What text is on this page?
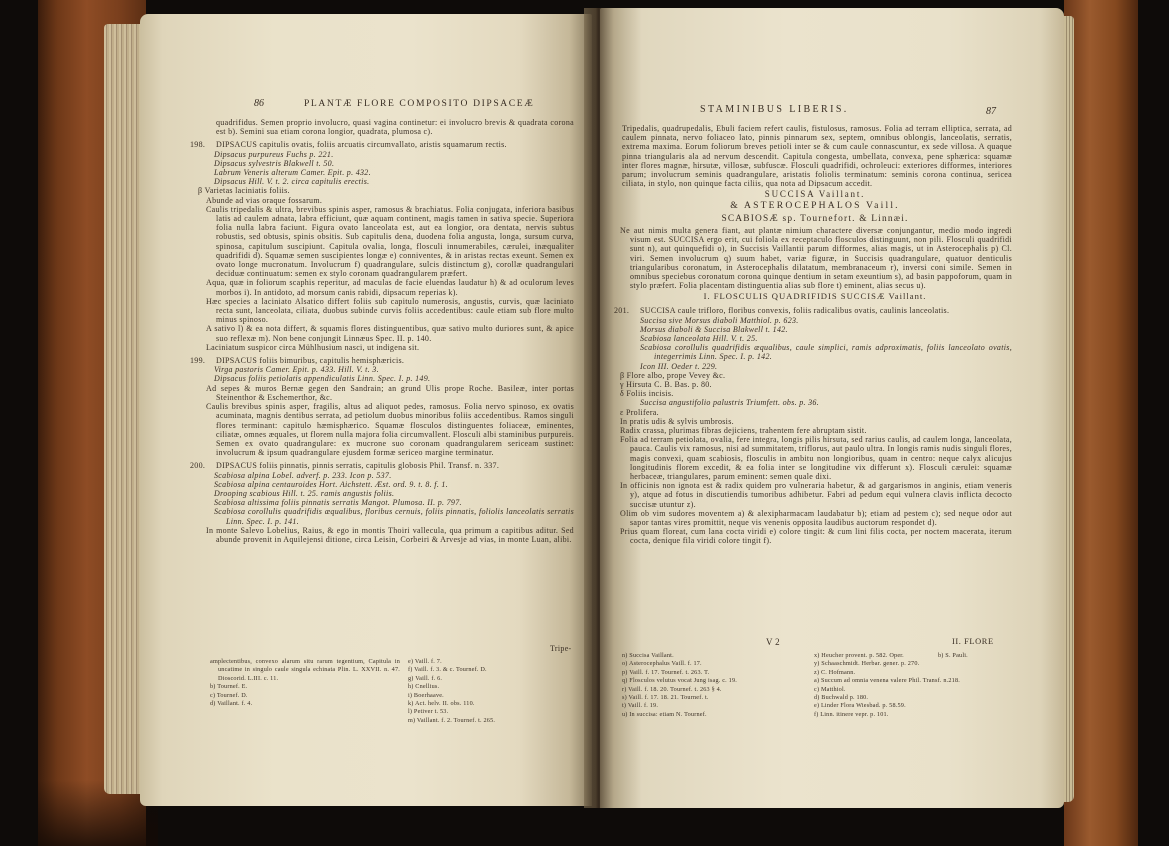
86	PLANTÆ FLORE COMPOSITO DIPSACEÆ

quadrifidus. Semen proprio involucro, quasi vagina continetur: ei involucro brevis & quadrata corona est b). Semini sua etiam corona longior, quadrata, plumosa c).

198.	DIPSACUS capitulis ovatis, foliis arcuatis circumvallato, aristis squamarum rectis.

Dipsacus purpureus Fuchs p. 221.

Dipsacus sylvestris Blakwell t. 50.

Labrum Veneris alterum Camer. Epit. p. 432.

Dipsacus Hill. V. t. 2. circa capitulis erectis.

β Varietas laciniatis foliis.

Abunde ad vias oraque fossarum.

Caulis tripedalis & ultra, brevibus spinis asper, ramosus & brachiatus. Folia conjugata, inferiora basibus latis ad caulem adnata, labra efficiunt, quæ aquam continent, magis tamen in sativa specie. Superiora folia nulla labra faciunt. Figura ovato lanceolata est, aut ea longior, ora dentata, nervis subtus robustis, sed obtusis, spinis obsitis. Sub capitulis dena, duodena folia angusta, longa, sursum curva, spinosa, capitulum suscipiunt. Capitula ovalia, longa, flosculi innumerabiles, cærulei, inæqualiter quadrifidi d). Squamæ semen suscipientes longæ e) conniventes, & in aristas rectas exeunt. Semen ex ovato longe mucronatum. Involucrum f) quadrangulare, sulcis distinctum g), corollæ quadrangulari deciduæ continuatum: semen ex stylo coronam quadrangularem præfert.

Aqua, quæ in foliorum scaphis reperitur, ad maculas de facie eluendas laudatur h) & ad oculorum leves morbos i). In antidoto, ad morsum canis rabidi, dipsacum reperias k).

Hæc species a laciniato Alsatico differt foliis sub capitulo numerosis, angustis, curvis, quæ laciniato recta sunt, lanceolata, ciliata, duobus subinde curvis foliis accedentibus: caule etiam sub flore multo minus spinoso.

A sativo l) & ea nota differt, & squamis flores distinguentibus, quæ sativo multo duriores sunt, & apice suo reflexæ m). Non bene conjungit Linnæus Spec. II. p. 140.

Laciniatum suspicor circa Mühlhusium nasci, ut indigena sit.

199.	DIPSACUS foliis bimuribus, capitulis hemisphæricis.

Virga pastoris Camer. Epit. p. 433. Hill. V. t. 3.

Dipsacus foliis petiolatis appendiculatis Linn. Spec. I. p. 149.

Ad sepes & muros Bernæ gegen den Sandrain; an grund Ulis prope Roche. Basileæ, inter portas Steinenthor & Eschemerthor, &c.

Caulis brevibus spinis asper, fragilis, altus ad aliquot pedes, ramosus. Folia nervo spinoso, ex ovatis acuminata, magnis dentibus serrata, ad petiolum duobus minoribus foliis accedentibus. Ramos singuli flores terminant: capitulo hæmisphærico. Squamæ flosculos distinguentes foliaceæ, eminentes, ciliatæ, omnes æquales, ut florem nulla majora folia circumvallent. Flosculi albi staminibus purpureis. Semen ex ovato quadrangulare: ex mucrone suo coronam quadrangularem sericeam sustinet: involucrum & ipsum quadrangulare ejusdem formæ sericeo margine terminatur.

200.	DIPSACUS foliis pinnatis, pinnis serratis, capitulis globosis Phil. Transf. n. 337.

Scabiosa alpina Lobel. adverf. p. 233. Icon p. 537.

Scabiosa alpina centauroides Hort. Aichstett. Æst. ord. 9. t. 8. f. 1.

Drooping scabious Hill. t. 25. ramis angustis foliis.

Scabiosa altissima foliis pinnatis serratis Mangot. Plumosa. II. p. 797.

Scabiosa corollulis quadrifidis æqualibus, floribus cernuis, foliis pinnatis, foliolis lanceolatis serratis Linn. Spec. I. p. 141.

In monte Salevo Lobelius, Raius, & ego in montis Thoiri vallecula, qua primum a capitibus aditur. Sed abunde provenit in Aquilejensi ditione, circa Leisin, Corbeiri & Arvesje ad vias, in monte Luan, alibi.

Tripe-

amplectentibus, convexo alarum situ rarum tegentium, Capitula in uncatime in singulo caule singula echinata Plin. L. XXVII. n. 47. Dioscorid. L.III. c. 11.

b) Tournef. E.

c) Tournef. D.

d) Vaillant. f. 4.

e) Vaill. f. 7.

f) Vaill. f. 3. & c. Tournef. D.

g) Vaill. f. 6.

h) Cnellius.

i) Boerhaave.

k) Act. helv. II. obs. 110.

l) Petiver t. 53.

m) Vaillant. f. 2. Tournef. t. 265.

STAMINIBUS LIBERIS.	87

Tripedalis, quadrupedalis, Ebuli faciem refert caulis, fistulosus, ramosus. Folia ad terram elliptica, serrata, ad caulem pinnata, nervo foliaceo lato, pinnis pinnarum sex, septem, omnibus oblongis, lanceolatis, serratis, extrema maxima. Eorum foliorum breves petioli inter se & cum caule connascuntur, ex sede villosa. A quaque pinna triangularis ala ad nervum descendit. Capitula congesta, umbellata, convexa, pene sphærica: squamæ inter flores magnæ, hirsutæ, villosæ, subfuscæ. Flosculi quadrifidi, ochroleuci: exteriores difformes, interiores parum; involucrum seminis quadrangulare, aristatis foliolis terminatum: seminis corona continua, sericea ciliata, in stylo, non quinque facta ciliis, qua nota ad Dipsacum accedit.

SUCCISA Vaillant.

& ASTEROCEPHALOS Vaill.

SCABIOSÆ sp. Tournefort. & Linnæi.

Ne aut nimis multa genera fiant, aut plantæ nimium charactere diversæ conjungantur, medio modo ingredi visum est. SUCCISA ergo erit, cui foliola ex receptaculo flosculos distinguunt, non pili. Flosculi quadrifidi sunt n), aut quinquefidi o), in Succisis Vaillantii parum difformes, alias magis, ut in Asterocephalis p) Cl. viri. Semen involucrum q) suum habet, variæ figuræ, in Succisis quadrangulare, quatuor denticulis triangularibus coronatum, in Asterocephalis dilatatum, membranaceum r), inversi coni simile. Semen in omnibus speciebus coronatum corona quinque dentium in setam exeuntium s), ad basin pappoforum, quam in stylo præfert. Folia placentam distinguentia alias sub flore t) eminent, alias secus u).

I. FLOSCULIS QUADRIFIDIS SUCCISÆ Vaillant.

201.	SUCCISA caule trifloro, floribus convexis, foliis radicalibus ovatis, caulinis lanceolatis.

Succisa sive Morsus diaboli Matthiol. p. 623.

Morsus diaboli & Succisa Blakwell t. 142.

Scabiosa lanceolata Hill. V. t. 25.

Scabiosa corollulis quadrifidis æqualibus, caule simplici, ramis adproximatis, foliis lanceolato ovatis, integerrimis Linn. Spec. I. p. 142.

Icon III. Oeder t. 229.

β Flore albo, prope Vevey &c.

γ Hirsuta C. B. Bas. p. 80.

δ Foliis incisis.

Succisa angustifolio palustris Triumfett. obs. p. 36.

ε Prolifera.

In pratis udis & sylvis umbrosis.

Radix crassa, plurimas fibras dejiciens, trahentem fere abruptam sistit.

Folia ad terram petiolata, ovalia, fere integra, longis pilis hirsuta, sed rarius caulis, ad caulem longa, lanceolata, pauca. Caulis vix ramosus, nisi ad summitatem, triflorus, aut paulo ultra. In longis ramis nudis singuli flores, magis convexi, quam scabiosis, flosculis in ambitu non longioribus, quam in centro: neque calyx alicujus longitudinis florem excedit, & ea folia inter se longitudine vix differunt x). Flosculi cærulei: squamæ herbaceæ, triangulares, parum eminent: semen quale dixi.

In officinis non ignota est & radix quidem pro vulneraria habetur, & ad gargarismos in anginis, etiam veneris y), atque ad fotus in discutiendis tumoribus adhibetur. Fabri ad pedum equi vulnera clavis inflicta decocto succisæ utuntur z).

Olim ob vim sudores moventem a) & alexipharmacam laudabatur b); etiam ad pestem c); sed neque odor aut sapor tantas vires promittit, neque vis venenis opposita laudibus auctorum respondet d).

Prius quam floreat, cum lana cocta viridi e) colore tingit: & cum lini filis cocta, per noctem macerata, iterum cocta, denique fila viridi colore tingit f).

V 2	II. FLORE

n) Succisa Vaillant.

o) Asterocephalus Vaill. f. 17.

p) Vaill. f. 17. Tournef. t. 263. T.

q) Flosculos velutus vocat Jung isag. c. 19.

r) Vaill. f. 18. 20. Tournef. t. 263 § 4.

s) Vaill. f. 17. 18. 21. Tournef. t.

t) Vaill. f. 19.

u) In succisa: etiam N. Tournef.

x) Heucher provent. p. 582. Oper.

y) Schaaschmidt. Herbar. gener. p. 270.

z) C. Hofmann.

a) Succum ad omnia venena valere Phil. Transf. n.218.

c) Matthiol.

d) Buchwald p. 180.

e) Linder Flora Wiesbad. p. 58.59.

f) Linn. itinere vepr. p. 101.

b) S. Pauli.
